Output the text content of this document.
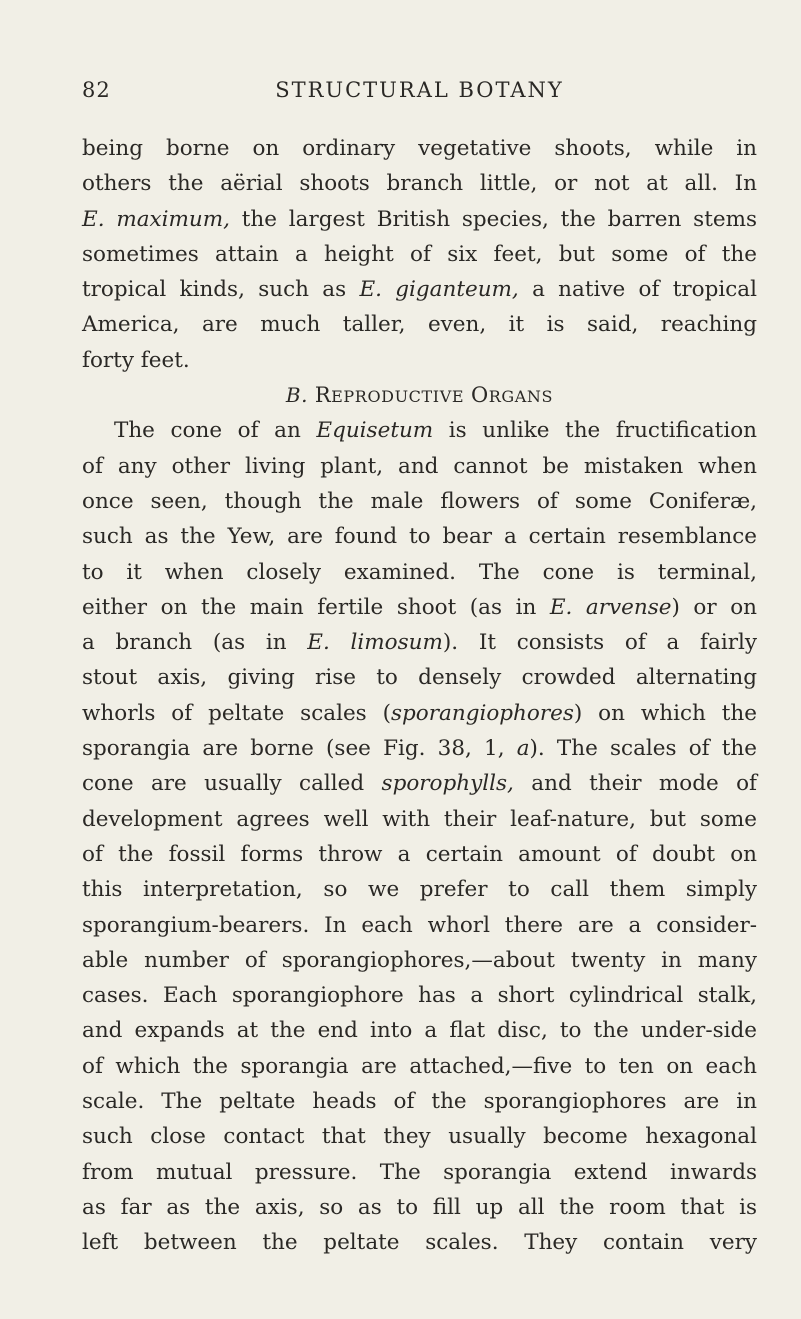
82	STRUCTURAL BOTANY
being borne on ordinary vegetative shoots, while in
others the aërial shoots branch little, or not at all. In
E. maximum, the largest British species, the barren stems
sometimes attain a height of six feet, but some of the
tropical kinds, such as E. giganteum, a native of tropical
America, are much taller, even, it is said, reaching
forty feet.
B. REPRODUCTIVE ORGANS
The cone of an Equisetum is unlike the fructification
of any other living plant, and cannot be mistaken when
once seen, though the male flowers of some Coniferæ,
such as the Yew, are found to bear a certain resemblance
to it when closely examined. The cone is terminal,
either on the main fertile shoot (as in E. arvense) or on
a branch (as in E. limosum). It consists of a fairly
stout axis, giving rise to densely crowded alternating
whorls of peltate scales (sporangiophores) on which the
sporangia are borne (see Fig. 38, 1, a). The scales of the
cone are usually called sporophylls, and their mode of
development agrees well with their leaf-nature, but some
of the fossil forms throw a certain amount of doubt on
this interpretation, so we prefer to call them simply
sporangium-bearers. In each whorl there are a consider-
able number of sporangiophores,—about twenty in many
cases. Each sporangiophore has a short cylindrical stalk,
and expands at the end into a flat disc, to the under-side
of which the sporangia are attached,—five to ten on each
scale. The peltate heads of the sporangiophores are in
such close contact that they usually become hexagonal
from mutual pressure. The sporangia extend inwards
as far as the axis, so as to fill up all the room that is
left between the peltate scales. They contain very
